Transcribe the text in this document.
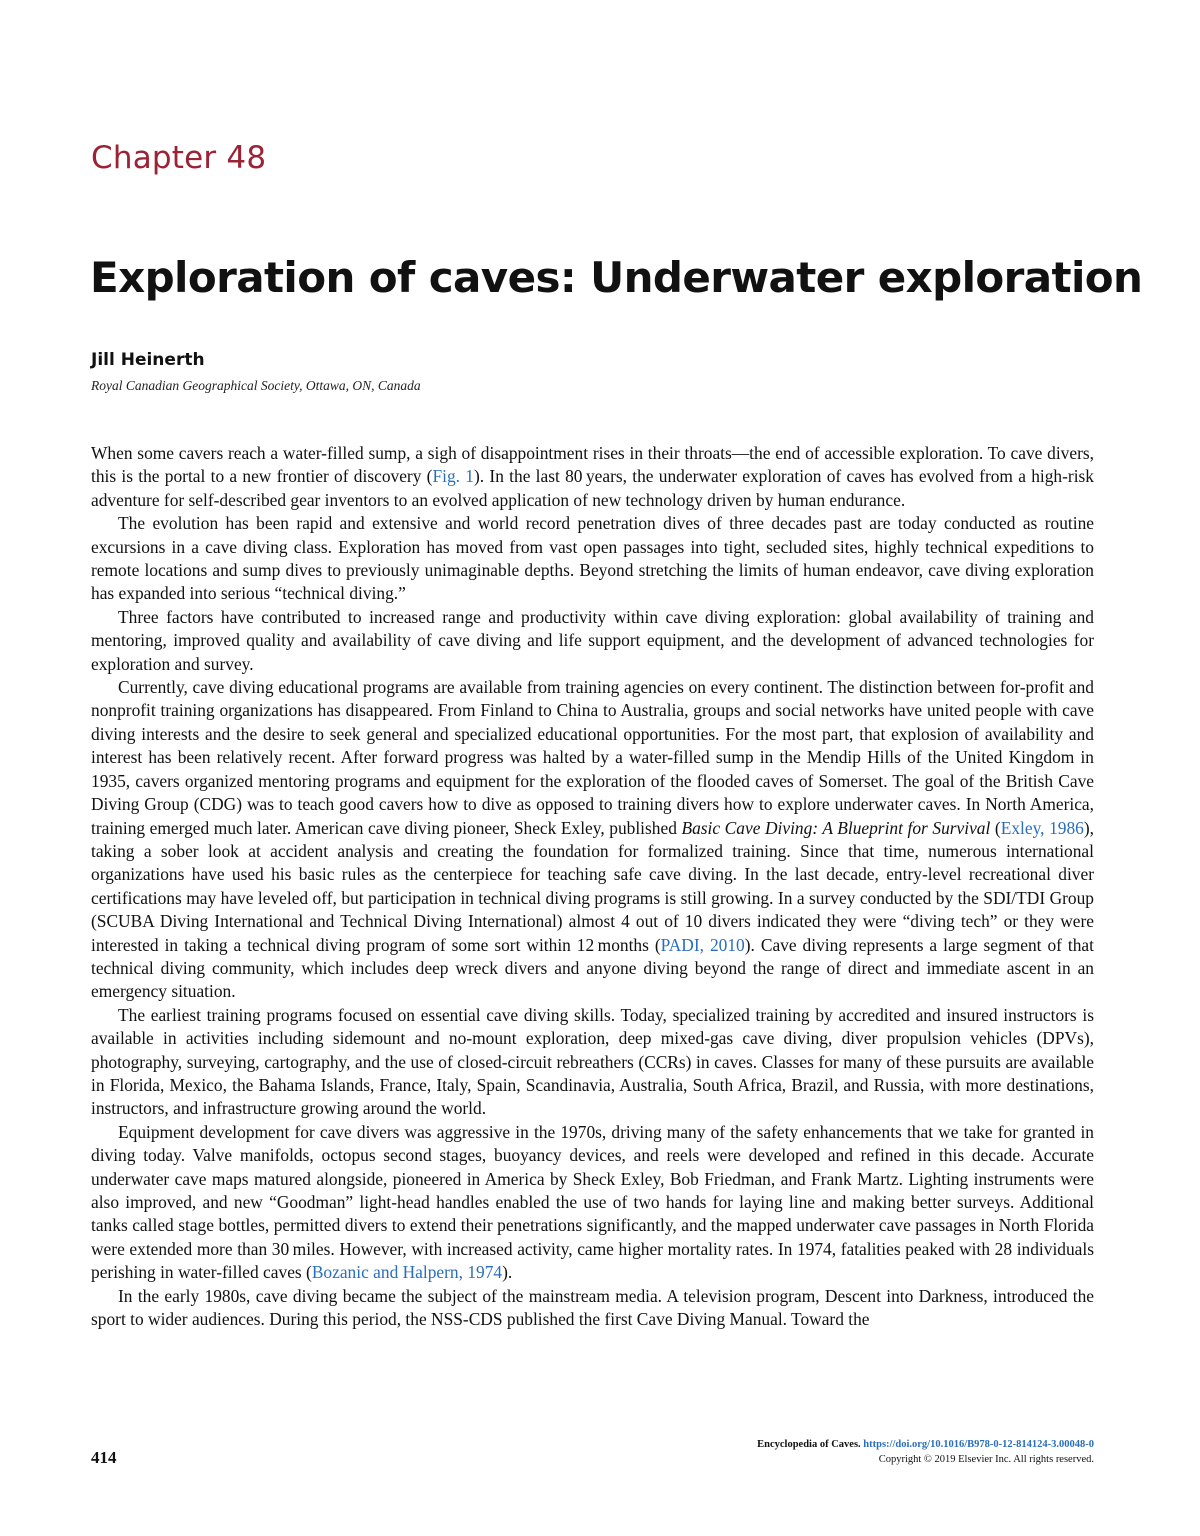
Chapter 48
Exploration of caves: Underwater exploration
Jill Heinerth
Royal Canadian Geographical Society, Ottawa, ON, Canada

When some cavers reach a water-filled sump, a sigh of disappointment rises in their throats—the end of accessible exploration. To cave divers, this is the portal to a new frontier of discovery (Fig. 1). In the last 80 years, the underwater exploration of caves has evolved from a high-risk adventure for self-described gear inventors to an evolved application of new technology driven by human endurance.

The evolution has been rapid and extensive and world record penetration dives of three decades past are today conducted as routine excursions in a cave diving class. Exploration has moved from vast open passages into tight, secluded sites, highly technical expeditions to remote locations and sump dives to previously unimaginable depths. Beyond stretching the limits of human endeavor, cave diving exploration has expanded into serious “technical diving.”

Three factors have contributed to increased range and productivity within cave diving exploration: global availability of training and mentoring, improved quality and availability of cave diving and life support equipment, and the development of advanced technologies for exploration and survey.

Currently, cave diving educational programs are available from training agencies on every continent. The distinction between for-profit and nonprofit training organizations has disappeared. From Finland to China to Australia, groups and social networks have united people with cave diving interests and the desire to seek general and specialized educational opportunities. For the most part, that explosion of availability and interest has been relatively recent. After forward progress was halted by a water-filled sump in the Mendip Hills of the United Kingdom in 1935, cavers organized mentoring programs and equipment for the exploration of the flooded caves of Somerset. The goal of the British Cave Diving Group (CDG) was to teach good cavers how to dive as opposed to training divers how to explore underwater caves. In North America, training emerged much later. American cave diving pioneer, Sheck Exley, published Basic Cave Diving: A Blueprint for Survival (Exley, 1986), taking a sober look at accident analysis and creating the foundation for formalized training. Since that time, numerous international organizations have used his basic rules as the centerpiece for teaching safe cave diving. In the last decade, entry-level recreational diver certifications may have leveled off, but participation in technical diving programs is still growing. In a survey conducted by the SDI/TDI Group (SCUBA Diving International and Technical Diving International) almost 4 out of 10 divers indicated they were “diving tech” or they were interested in taking a technical diving program of some sort within 12 months (PADI, 2010). Cave diving represents a large segment of that technical diving community, which includes deep wreck divers and anyone diving beyond the range of direct and immediate ascent in an emergency situation.

The earliest training programs focused on essential cave diving skills. Today, specialized training by accredited and insured instructors is available in activities including sidemount and no-mount exploration, deep mixed-gas cave diving, diver propulsion vehicles (DPVs), photography, surveying, cartography, and the use of closed-circuit rebreathers (CCRs) in caves. Classes for many of these pursuits are available in Florida, Mexico, the Bahama Islands, France, Italy, Spain, Scandinavia, Australia, South Africa, Brazil, and Russia, with more destinations, instructors, and infrastructure growing around the world.

Equipment development for cave divers was aggressive in the 1970s, driving many of the safety enhancements that we take for granted in diving today. Valve manifolds, octopus second stages, buoyancy devices, and reels were developed and refined in this decade. Accurate underwater cave maps matured alongside, pioneered in America by Sheck Exley, Bob Friedman, and Frank Martz. Lighting instruments were also improved, and new “Goodman” light-head handles enabled the use of two hands for laying line and making better surveys. Additional tanks called stage bottles, permitted divers to extend their penetrations significantly, and the mapped underwater cave passages in North Florida were extended more than 30 miles. However, with increased activity, came higher mortality rates. In 1974, fatalities peaked with 28 individuals perishing in water-filled caves (Bozanic and Halpern, 1974).

In the early 1980s, cave diving became the subject of the mainstream media. A television program, Descent into Darkness, introduced the sport to wider audiences. During this period, the NSS-CDS published the first Cave Diving Manual. Toward the

414
Encyclopedia of Caves. https://doi.org/10.1016/B978-0-12-814124-3.00048-0
Copyright © 2019 Elsevier Inc. All rights reserved.
